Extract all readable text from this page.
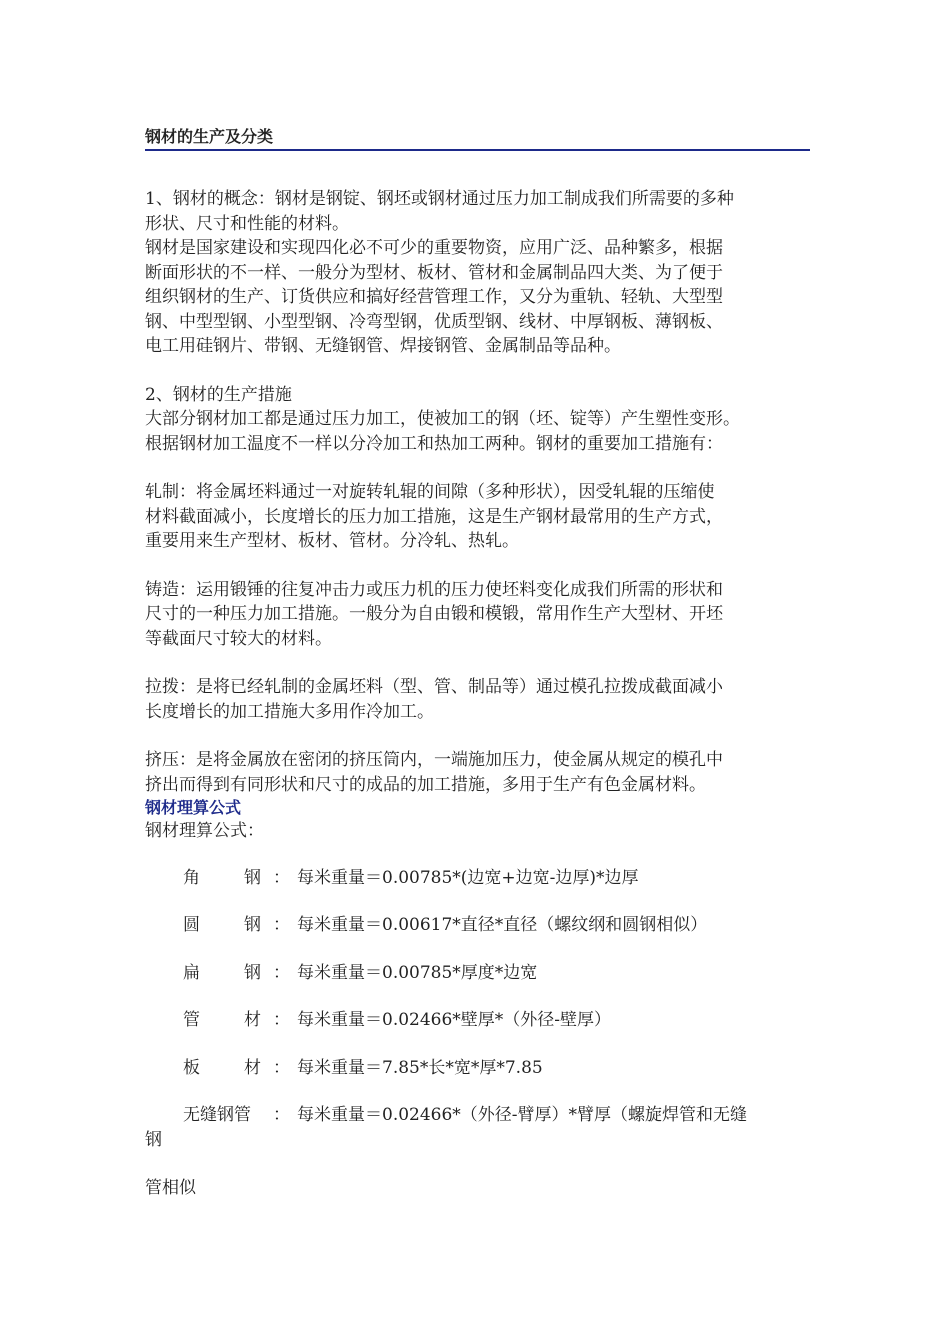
钢材的生产及分类

1、钢材的概念：钢材是钢锭、钢坯或钢材通过压力加工制成我们所需要的多种

形状、尺寸和性能的材料。

钢材是国家建设和实现四化必不可少的重要物资，应用广泛、品种繁多，根据

断面形状的不一样、一般分为型材、板材、管材和金属制品四大类、为了便于

组织钢材的生产、订货供应和搞好经营管理工作，又分为重轨、轻轨、大型型

钢、中型型钢、小型型钢、冷弯型钢，优质型钢、线材、中厚钢板、薄钢板、

电工用硅钢片、带钢、无缝钢管、焊接钢管、金属制品等品种。

2、钢材的生产措施

大部分钢材加工都是通过压力加工，使被加工的钢（坯、锭等）产生塑性变形。

根据钢材加工温度不一样以分冷加工和热加工两种。钢材的重要加工措施有：

轧制：将金属坯料通过一对旋转轧辊的间隙（多种形状），因受轧辊的压缩使

材料截面减小，长度增长的压力加工措施，这是生产钢材最常用的生产方式，

重要用来生产型材、板材、管材。分冷轧、热轧。

铸造：运用锻锤的往复冲击力或压力机的压力使坯料变化成我们所需的形状和

尺寸的一种压力加工措施。一般分为自由锻和模锻，常用作生产大型材、开坯

等截面尺寸较大的材料。

拉拨：是将已经轧制的金属坯料（型、管、制品等）通过模孔拉拨成截面减小

长度增长的加工措施大多用作冷加工。

挤压：是将金属放在密闭的挤压筒内，一端施加压力，使金属从规定的模孔中

挤出而得到有同形状和尺寸的成品的加工措施，多用于生产有色金属材料。

钢材理算公式

钢材理算公式：

角	钢 ： 每米重量＝0.00785*(边宽+边宽-边厚)*边厚
圆	钢 ： 每米重量＝0.00617*直径*直径（螺纹纲和圆钢相似）
扁	钢 ： 每米重量＝0.00785*厚度*边宽
管	材 ： 每米重量＝0.02466*壁厚*（外径-壁厚）
板	材 ： 每米重量＝7.85*长*宽*厚*7.85
无缝钢管	： 每米重量＝0.02466*（外径-臂厚）*臂厚（螺旋焊管和无缝
钢
管相似
